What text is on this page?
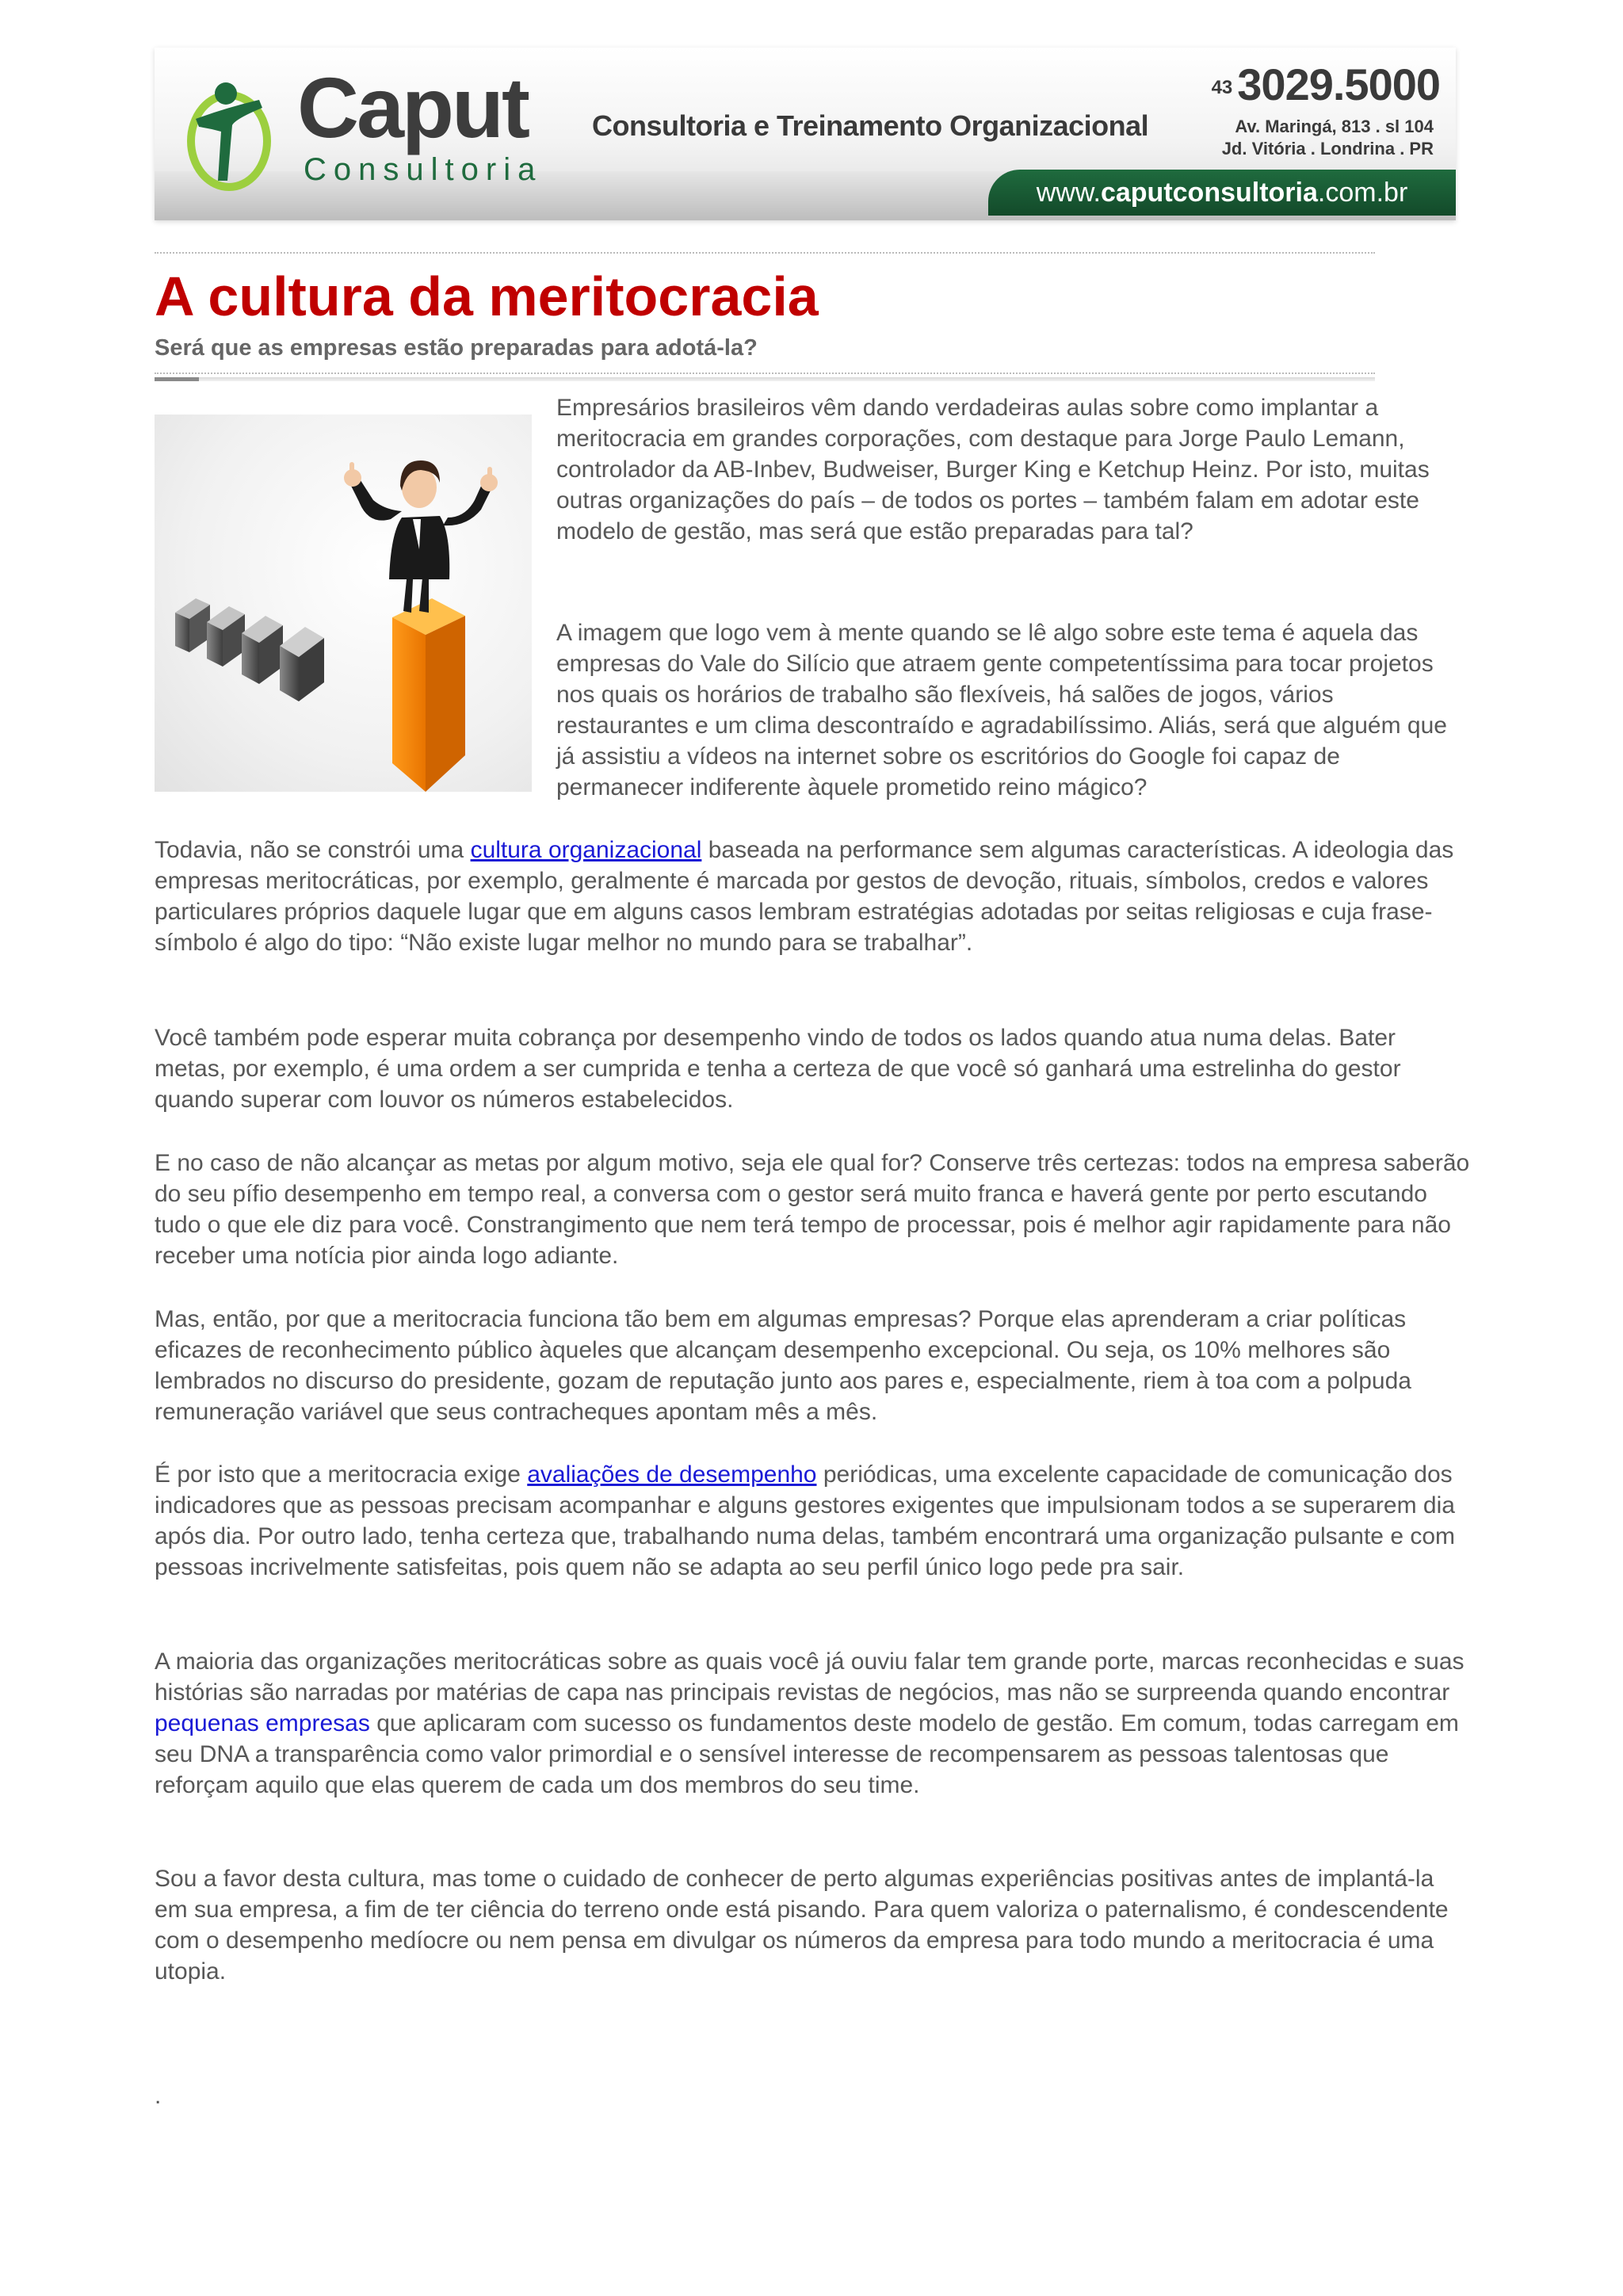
Caput
Consultoria
Consultoria e Treinamento Organizacional
43 3029.5000
Av. Maringá, 813 . sl 104
Jd. Vitória . Londrina . PR
www. caputconsultoria .com.br
A cultura da meritocracia
Será que as empresas estão preparadas para adotá-la?

Empresários brasileiros vêm dando verdadeiras aulas sobre como implantar a meritocracia em grandes corporações, com destaque para Jorge Paulo Lemann, controlador da AB-Inbev, Budweiser, Burger King e Ketchup Heinz. Por isto, muitas outras organizações do país – de todos os portes – também falam em adotar este modelo de gestão, mas será que estão preparadas para tal?

A imagem que logo vem à mente quando se lê algo sobre este tema é aquela das empresas do Vale do Silício que atraem gente competentíssima para tocar projetos nos quais os horários de trabalho são flexíveis, há salões de jogos, vários restaurantes e um clima descontraído e agradabilíssimo. Aliás, será que alguém que já assistiu a vídeos na internet sobre os escritórios do Google foi capaz de permanecer indiferente àquele prometido reino mágico?

Todavia, não se constrói uma cultura organizacional baseada na performance sem algumas características. A ideologia das empresas meritocráticas, por exemplo, geralmente é marcada por gestos de devoção, rituais, símbolos, credos e valores particulares próprios daquele lugar que em alguns casos lembram estratégias adotadas por seitas religiosas e cuja frase-símbolo é algo do tipo: “Não existe lugar melhor no mundo para se trabalhar”.

Você também pode esperar muita cobrança por desempenho vindo de todos os lados quando atua numa delas. Bater metas, por exemplo, é uma ordem a ser cumprida e tenha a certeza de que você só ganhará uma estrelinha do gestor quando superar com louvor os números estabelecidos.

E no caso de não alcançar as metas por algum motivo, seja ele qual for? Conserve três certezas: todos na empresa saberão do seu pífio desempenho em tempo real, a conversa com o gestor será muito franca e haverá gente por perto escutando tudo o que ele diz para você. Constrangimento que nem terá tempo de processar, pois é melhor agir rapidamente para não receber uma notícia pior ainda logo adiante.

Mas, então, por que a meritocracia funciona tão bem em algumas empresas? Porque elas aprenderam a criar políticas eficazes de reconhecimento público àqueles que alcançam desempenho excepcional. Ou seja, os 10% melhores são lembrados no discurso do presidente, gozam de reputação junto aos pares e, especialmente, riem à toa com a polpuda remuneração variável que seus contracheques apontam mês a mês.

É por isto que a meritocracia exige avaliações de desempenho periódicas, uma excelente capacidade de comunicação dos indicadores que as pessoas precisam acompanhar e alguns gestores exigentes que impulsionam todos a se superarem dia após dia. Por outro lado, tenha certeza que, trabalhando numa delas, também encontrará uma organização pulsante e com pessoas incrivelmente satisfeitas, pois quem não se adapta ao seu perfil único logo pede pra sair.

A maioria das organizações meritocráticas sobre as quais você já ouviu falar tem grande porte, marcas reconhecidas e suas histórias são narradas por matérias de capa nas principais revistas de negócios, mas não se surpreenda quando encontrar pequenas empresas que aplicaram com sucesso os fundamentos deste modelo de gestão. Em comum, todas carregam em seu DNA a transparência como valor primordial e o sensível interesse de recompensarem as pessoas talentosas que reforçam aquilo que elas querem de cada um dos membros do seu time.

Sou a favor desta cultura, mas tome o cuidado de conhecer de perto algumas experiências positivas antes de implantá-la em sua empresa, a fim de ter ciência do terreno onde está pisando. Para quem valoriza o paternalismo, é condescendente com o desempenho medíocre ou nem pensa em divulgar os números da empresa para todo mundo a meritocracia é uma utopia.

.
